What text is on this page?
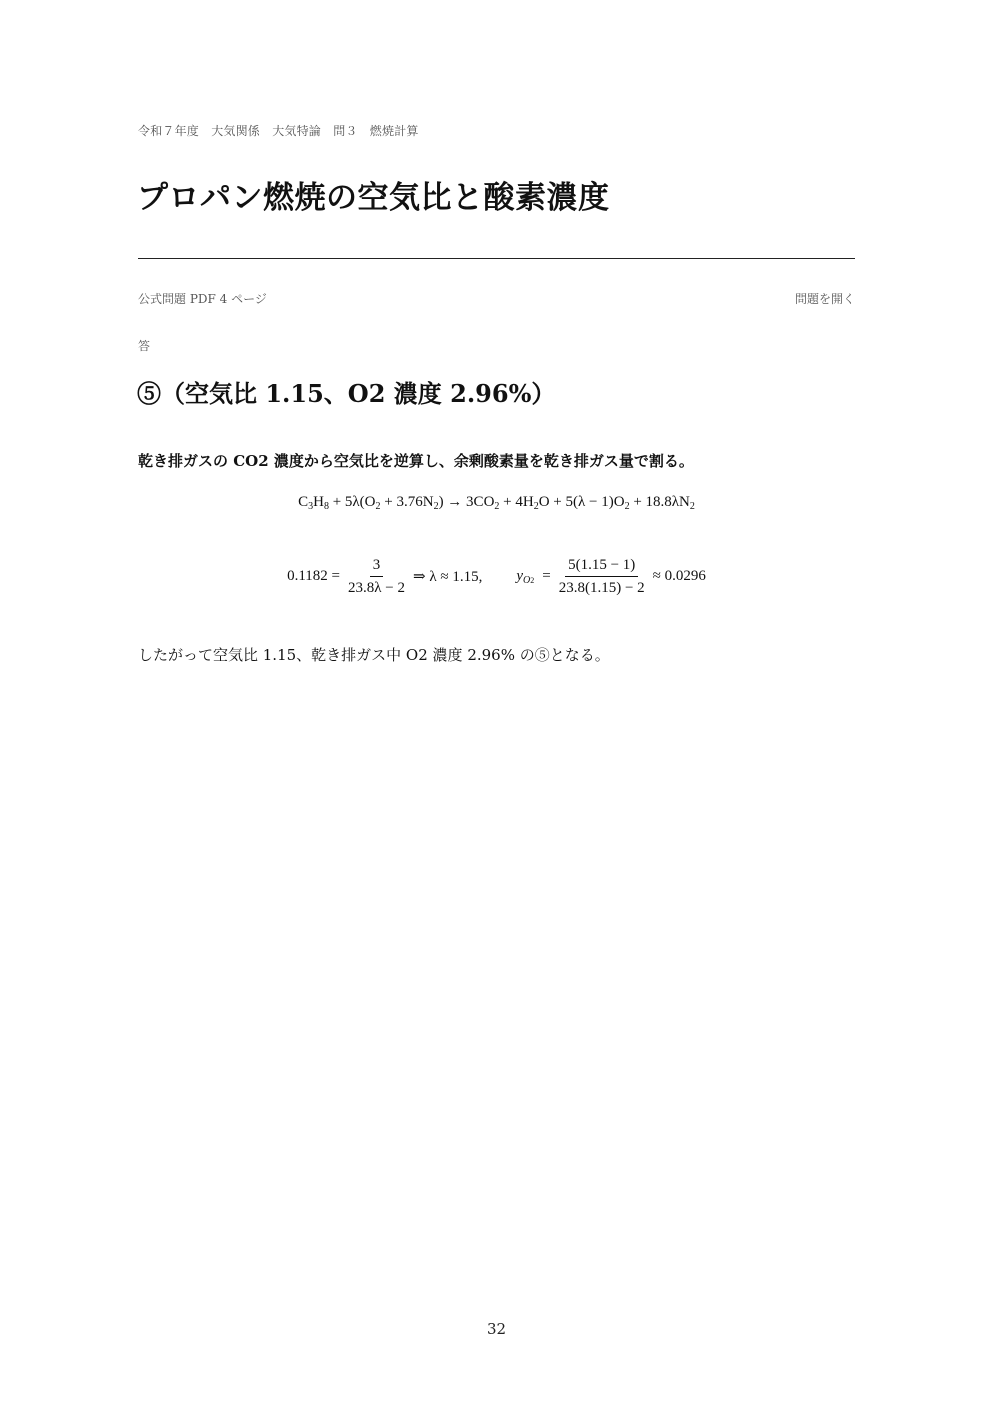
令和７年度　大気関係　大気特論　問３　燃焼計算
プロパン燃焼の空気比と酸素濃度
公式問題 PDF 4 ページ	問題を開く
答
⑤（空気比 1.15、O2 濃度 2.96%）

乾き排ガスの CO2 濃度から空気比を逆算し、余剰酸素量を乾き排ガス量で割る。

$C_3H_8 + 5\lambda(O_2 + 3.76N_2) \to 3CO_2 + 4H_2O + 5(\lambda - 1)O_2 + 18.8\lambda N_2$
$0.1182 = \frac{3}{23.8\lambda - 2}$ ⇒ λ ≈ 1.15, $y_{O2} = \frac{5(1.15 - 1)}{23.8(1.15) - 2} \approx 0.0296$

したがって空気比 1.15、乾き排ガス中 O2 濃度 2.96% の⑤となる。

32
